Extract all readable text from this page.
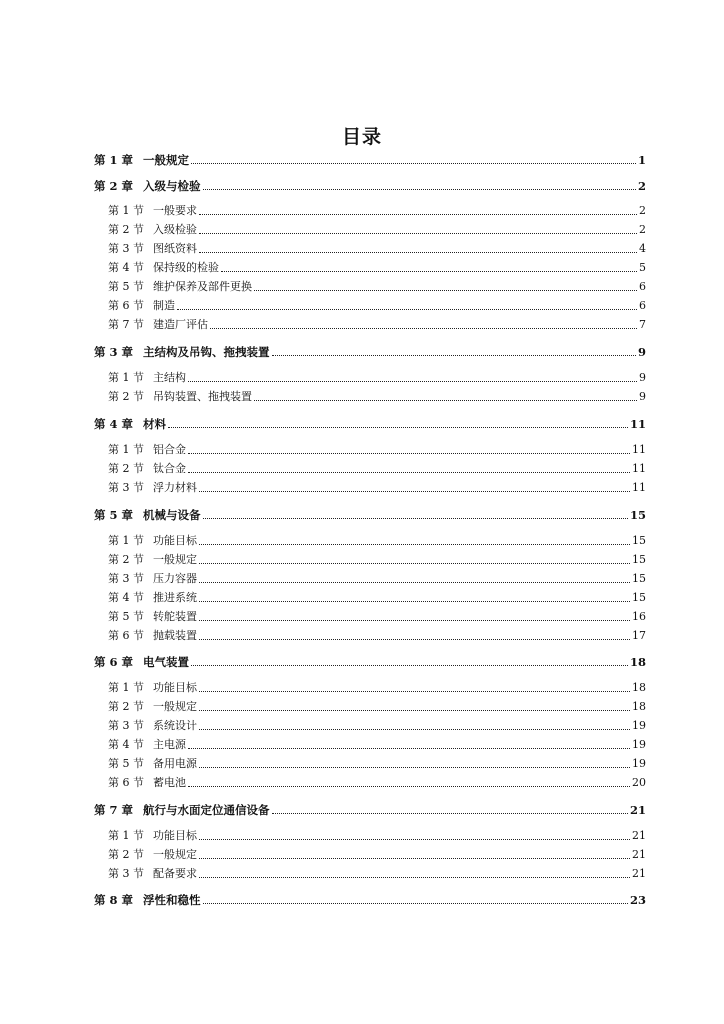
目录
第 1 章 一般规定	1
第 2 章 入级与检验	2
第 1 节 一般要求	2
第 2 节 入级检验	2
第 3 节 图纸资料	4
第 4 节 保持级的检验	5
第 5 节 维护保养及部件更换	6
第 6 节 制造	6
第 7 节 建造厂评估	7
第 3 章 主结构及吊钩、拖拽装置	9
第 1 节 主结构	9
第 2 节 吊钩装置、拖拽装置	9
第 4 章 材料	11
第 1 节 铝合金	11
第 2 节 钛合金	11
第 3 节 浮力材料	11
第 5 章 机械与设备	15
第 1 节 功能目标	15
第 2 节 一般规定	15
第 3 节 压力容器	15
第 4 节 推进系统	15
第 5 节 转舵装置	16
第 6 节 抛载装置	17
第 6 章 电气装置	18
第 1 节 功能目标	18
第 2 节 一般规定	18
第 3 节 系统设计	19
第 4 节 主电源	19
第 5 节 备用电源	19
第 6 节 蓄电池	20
第 7 章 航行与水面定位通信设备	21
第 1 节 功能目标	21
第 2 节 一般规定	21
第 3 节 配备要求	21
第 8 章 浮性和稳性	23
